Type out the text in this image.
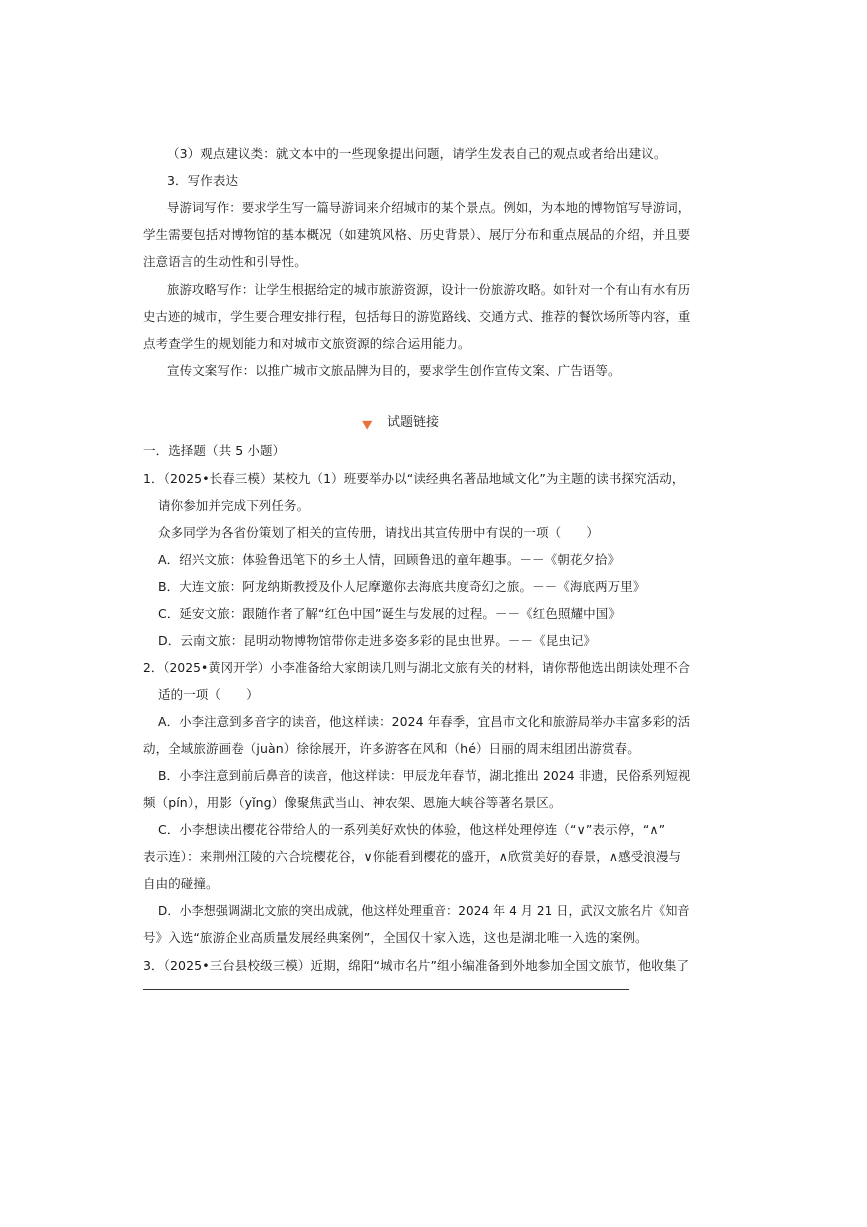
（3）观点建议类：就文本中的一些现象提出问题，请学生发表自己的观点或者给出建议。
3．写作表达
导游词写作：要求学生写一篇导游词来介绍城市的某个景点。例如，为本地的博物馆写导游词，
学生需要包括对博物馆的基本概况（如建筑风格、历史背景）、展厅分布和重点展品的介绍，并且要
注意语言的生动性和引导性。
旅游攻略写作：让学生根据给定的城市旅游资源，设计一份旅游攻略。如针对一个有山有水有历
史古迹的城市，学生要合理安排行程，包括每日的游览路线、交通方式、推荐的餐饮场所等内容，重
点考查学生的规划能力和对城市文旅资源的综合运用能力。
宣传文案写作：以推广城市文旅品牌为目的，要求学生创作宣传文案、广告语等。
试题链接
一．选择题（共 5 小题）
1．（2025•长春三模）某校九（1）班要举办以“读经典名著品地域文化”为主题的读书探究活动，
请你参加并完成下列任务。
众多同学为各省份策划了相关的宣传册，请找出其宣传册中有误的一项（　　）
A．绍兴文旅：体验鲁迅笔下的乡土人情，回顾鲁迅的童年趣事。－－《朝花夕拾》
B．大连文旅：阿龙纳斯教授及仆人尼摩邀你去海底共度奇幻之旅。－－《海底两万里》
C．延安文旅：跟随作者了解“红色中国”诞生与发展的过程。－－《红色照耀中国》
D．云南文旅：昆明动物博物馆带你走进多姿多彩的昆虫世界。－－《昆虫记》
2．（2025•黄冈开学）小李准备给大家朗读几则与湖北文旅有关的材料，请你帮他选出朗读处理不合
适的一项（　　）
A．小李注意到多音字的读音，他这样读：2024 年春季，宜昌市文化和旅游局举办丰富多彩的活
动，全域旅游画卷（juàn）徐徐展开，许多游客在风和（hé）日丽的周末组团出游赏春。
B．小李注意到前后鼻音的读音，他这样读：甲辰龙年春节，湖北推出 2024 非遗，民俗系列短视
频（pín），用影（yǐng）像聚焦武当山、神农架、恩施大峡谷等著名景区。
C．小李想读出樱花谷带给人的一系列美好欢快的体验，他这样处理停连（“∨”表示停，“∧”
表示连）：来荆州江陵的六合垸樱花谷，∨你能看到樱花的盛开，∧欣赏美好的春景，∧感受浪漫与
自由的碰撞。
D．小李想强调湖北文旅的突出成就，他这样处理重音：2024 年 4 月 21 日，武汉文旅名片《知音
号》入选“旅游企业高质量发展经典案例”，全国仅十家入选，这也是湖北唯一入选的案例。
3．（2025•三台县校级三模）近期，绵阳“城市名片”组小编准备到外地参加全国文旅节，他收集了
